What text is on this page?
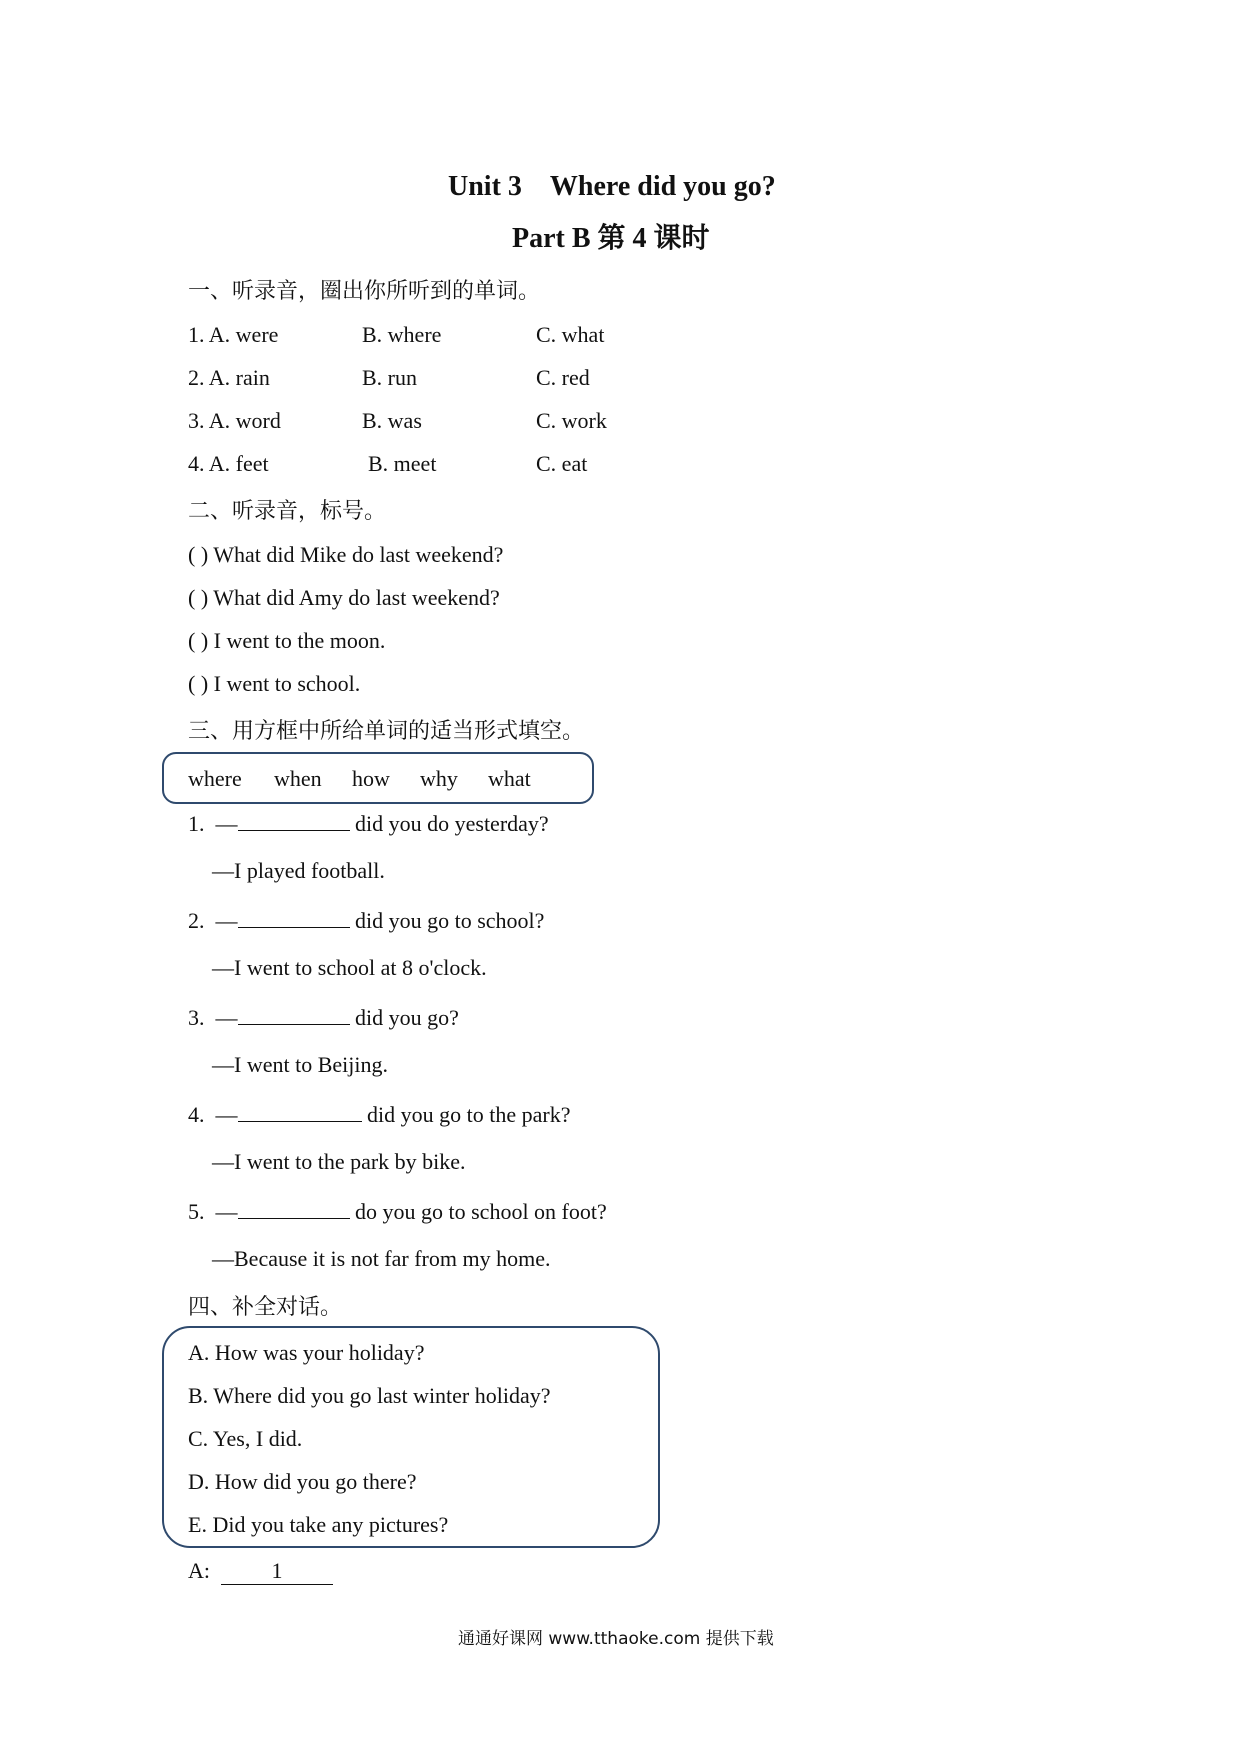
Unit 3　Where did you go?
Part B 第 4 课时
一、听录音，圈出你所听到的单词。
1. A. were	B. where	C. what
2. A. rain	B. run	C. red
3. A. word	B. was	C. work
4. A. feet	B. meet	C. eat
二、听录音，标号。
( ) What did Mike do last weekend?
( ) What did Amy do last weekend?
( ) I went to the moon.
( ) I went to school.
三、用方框中所给单词的适当形式填空。
where when how why what
1.  —	did you do yesterday?
—I played football.
2.  —	did you go to school?
—I went to school at 8 o'clock.
3.  —	did you go?
—I went to Beijing.
4.  —	did you go to the park?
—I went to the park by bike.
5.  —	do you go to school on foot?
—Because it is not far from my home.
四、补全对话。
A. How was your holiday?
B. Where did you go last winter holiday?
C. Yes, I did.
D. How did you go there?
E. Did you take any pictures?
A:	1
通通好课网 www.tthaoke.com 提供下载
